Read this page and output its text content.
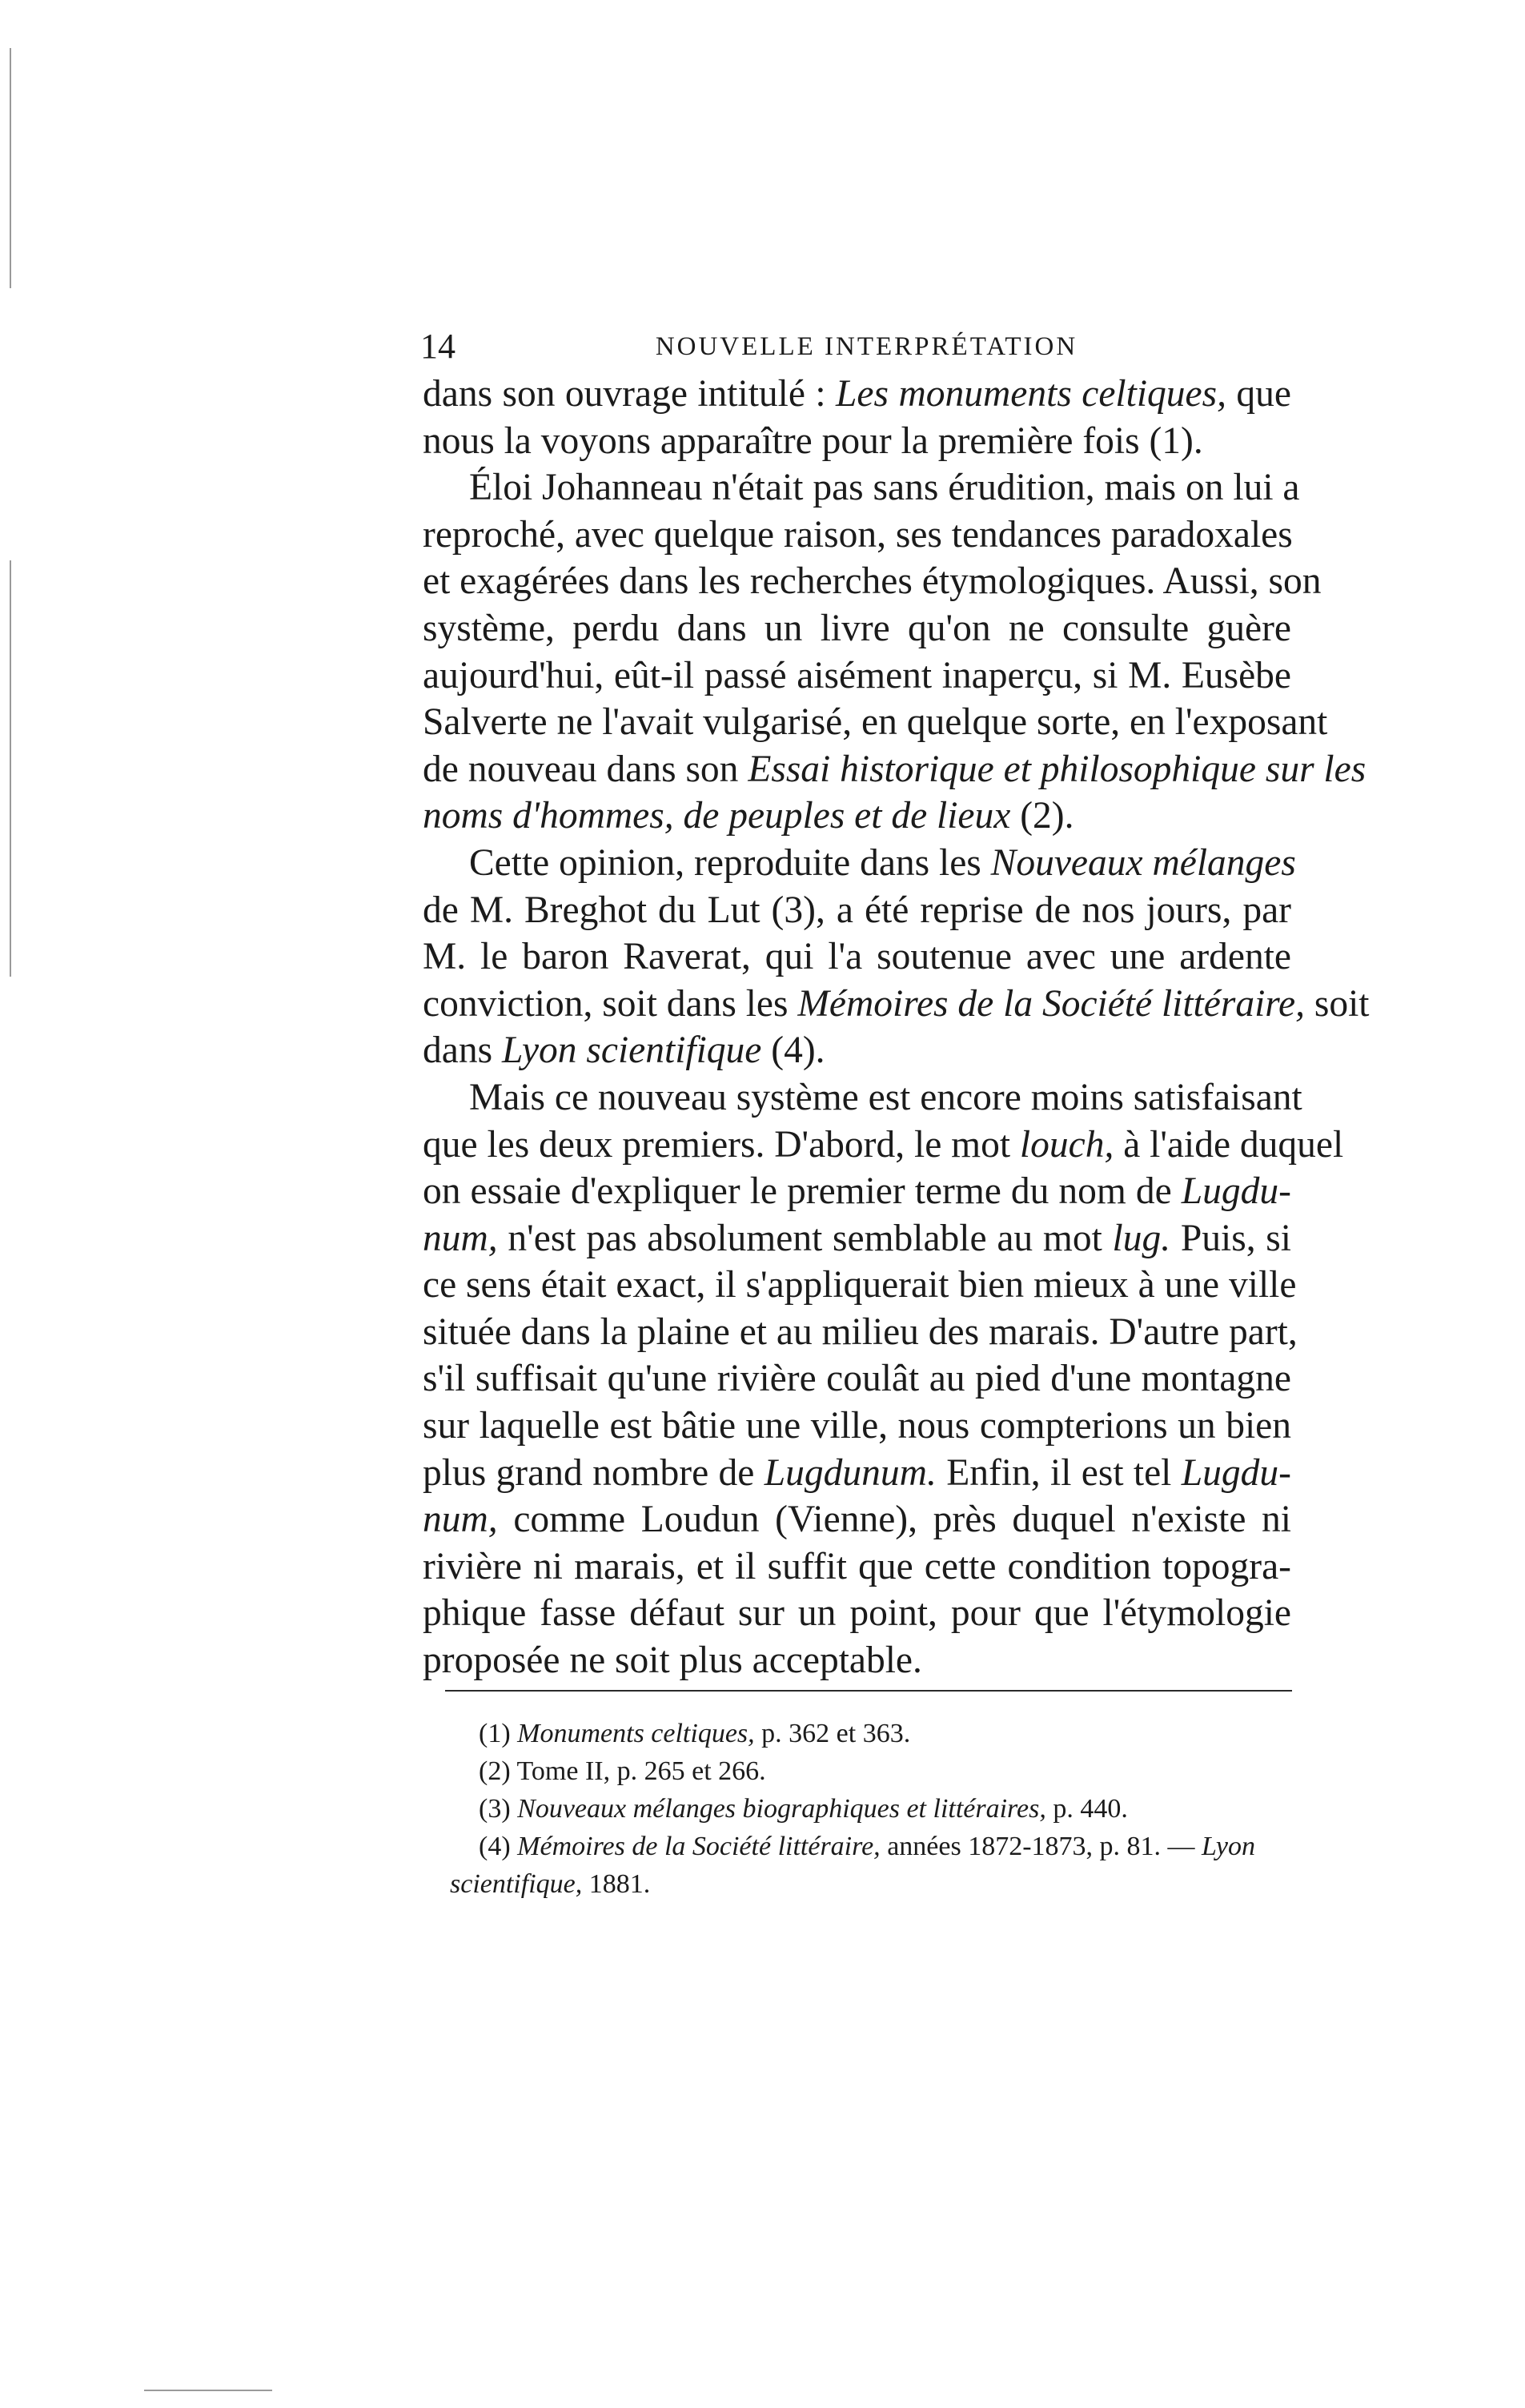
14	NOUVELLE INTERPRÉTATION
dans son ouvrage intitulé : Les monuments celtiques, que
nous la voyons apparaître pour la première fois (1).
Éloi Johanneau n'était pas sans érudition, mais on lui a
reproché, avec quelque raison, ses tendances paradoxales
et exagérées dans les recherches étymologiques. Aussi, son
système, perdu dans un livre qu'on ne consulte guère
aujourd'hui, eût-il passé aisément inaperçu, si M. Eusèbe
Salverte ne l'avait vulgarisé, en quelque sorte, en l'exposant
de nouveau dans son Essai historique et philosophique sur les
noms d'hommes, de peuples et de lieux (2).
Cette opinion, reproduite dans les Nouveaux mélanges
de M. Breghot du Lut (3), a été reprise de nos jours, par
M. le baron Raverat, qui l'a soutenue avec une ardente
conviction, soit dans les Mémoires de la Société littéraire, soit
dans Lyon scientifique (4).
Mais ce nouveau système est encore moins satisfaisant
que les deux premiers. D'abord, le mot louch, à l'aide duquel
on essaie d'expliquer le premier terme du nom de Lugdu-
num, n'est pas absolument semblable au mot lug. Puis, si
ce sens était exact, il s'appliquerait bien mieux à une ville
située dans la plaine et au milieu des marais. D'autre part,
s'il suffisait qu'une rivière coulât au pied d'une montagne
sur laquelle est bâtie une ville, nous compterions un bien
plus grand nombre de Lugdunum. Enfin, il est tel Lugdu-
num, comme Loudun (Vienne), près duquel n'existe ni
rivière ni marais, et il suffit que cette condition topogra-
phique fasse défaut sur un point, pour que l'étymologie
proposée ne soit plus acceptable.
(1) Monuments celtiques, p. 362 et 363.
(2) Tome II, p. 265 et 266.
(3) Nouveaux mélanges biographiques et littéraires, p. 440.
(4) Mémoires de la Société littéraire, années 1872-1873, p. 81. — Lyon
scientifique, 1881.
